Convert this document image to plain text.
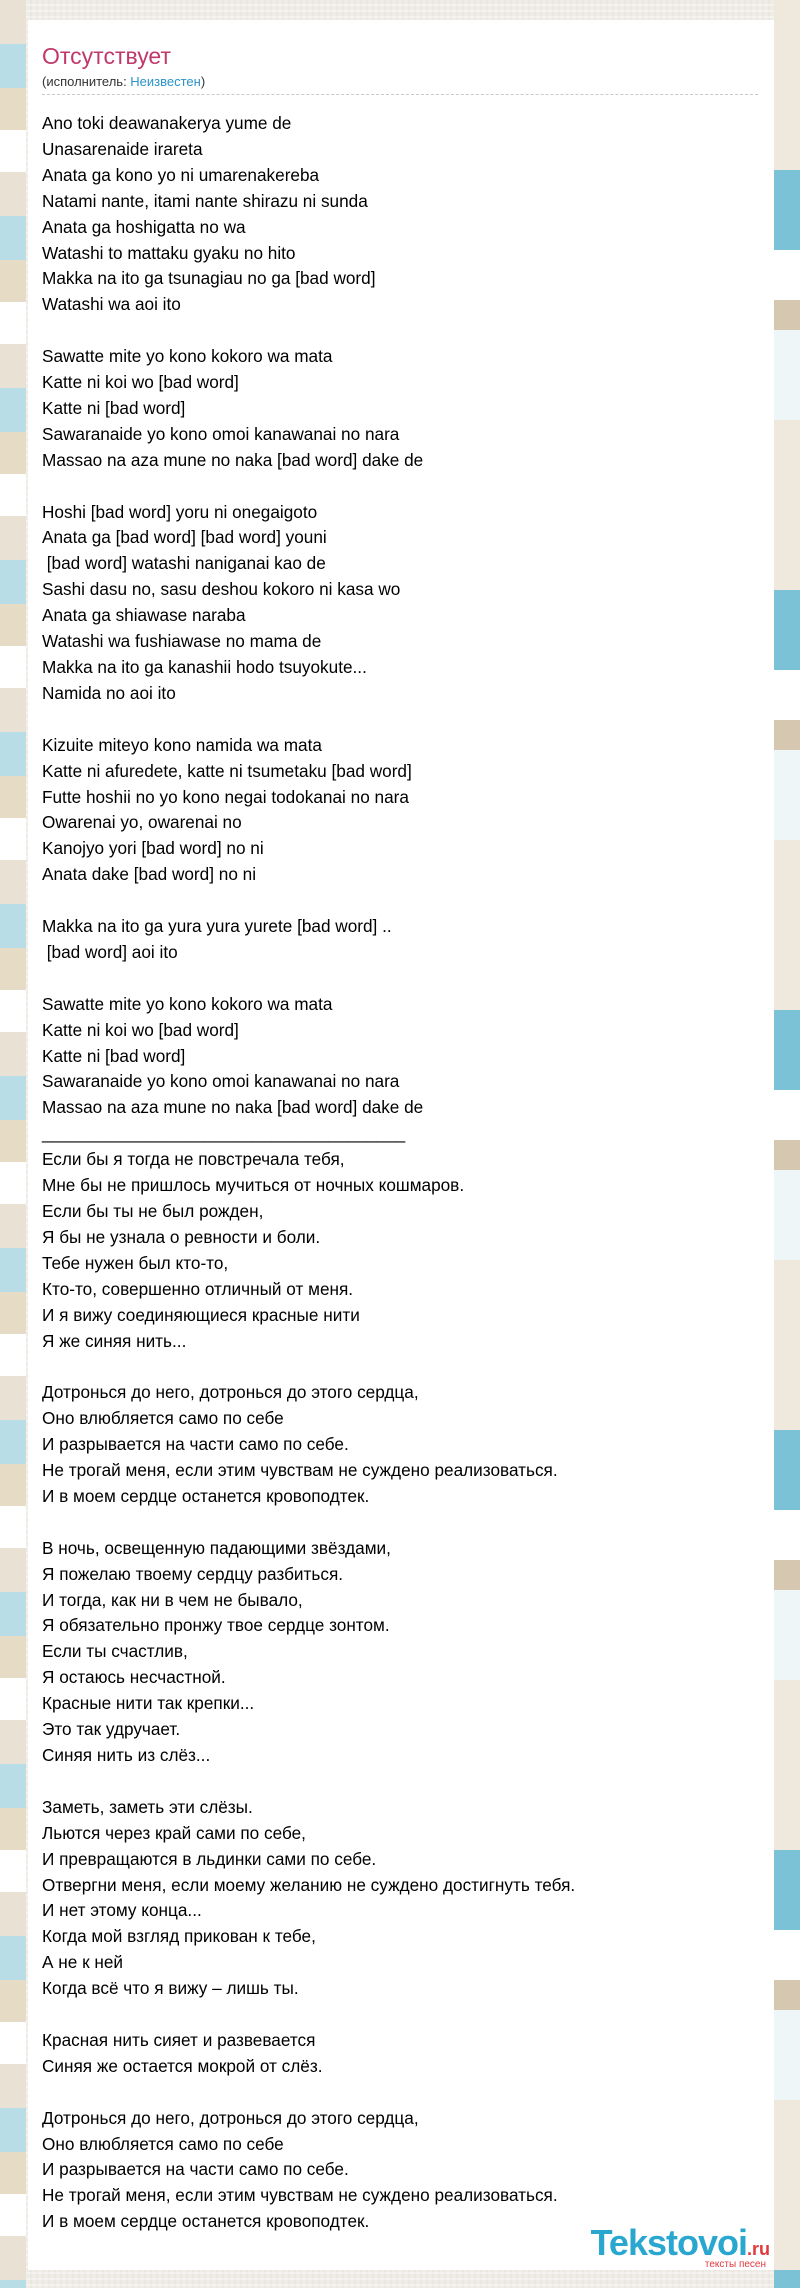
Отсутствует
(исполнитель: Неизвестен)
Ano toki deawanakerya yume de
Unasarenaide irareta
Anata ga kono yo ni umarenakereba
Natami nante, itami nante shirazu ni sunda
Anata ga hoshigatta no wa
Watashi to mattaku gyaku no hito
Makka na ito ga tsunagiau no ga [bad word]
Watashi wa aoi ito
Sawatte mite yo kono kokoro wa mata
Katte ni koi wo [bad word]
Katte ni [bad word]
Sawaranaide yo kono omoi kanawanai no nara
Massao na aza mune no naka [bad word] dake de
Hoshi [bad word] yoru ni onegaigoto
Anata ga [bad word] [bad word] youni
[bad word] watashi naniganai kao de
Sashi dasu no, sasu deshou kokoro ni kasa wo
Anata ga shiawase naraba
Watashi wa fushiawase no mama de
Makka na ito ga kanashii hodo tsuyokute...
Namida no aoi ito
Kizuite miteyo kono namida wa mata
Katte ni afuredete, katte ni tsumetaku [bad word]
Futte hoshii no yo kono negai todokanai no nara
Owarenai yo, owarenai no
Kanojyo yori [bad word] no ni
Anata dake [bad word] no ni
Makka na ito ga yura yura yurete [bad word] ..
[bad word] aoi ito
Sawatte mite yo kono kokoro wa mata
Katte ni koi wo [bad word]
Katte ni [bad word]
Sawaranaide yo kono omoi kanawanai no nara
Massao na aza mune no naka [bad word] dake de
______________________________________
Если бы я тогда не повстречала тебя,
Мне бы не пришлось мучиться от ночных кошмаров.
Если бы ты не был рожден,
Я бы не узнала о ревности и боли.
Тебе нужен был кто-то,
Кто-то, совершенно отличный от меня.
И я вижу соединяющиеся красные нити
Я же синяя нить...
Дотронься до него, дотронься до этого сердца,
Оно влюбляется само по себе
И разрывается на части само по себе.
Не трогай меня, если этим чувствам не суждено реализоваться.
И в моем сердце останется кровоподтек.
В ночь, освещенную падающими звёздами,
Я пожелаю твоему сердцу разбиться.
И тогда, как ни в чем не бывало,
Я обязательно пронжу твое сердце зонтом.
Если ты счастлив,
Я остаюсь несчастной.
Красные нити так крепки...
Это так удручает.
Синяя нить из слёз...
Заметь, заметь эти слёзы.
Льются через край сами по себе,
И превращаются в льдинки сами по себе.
Отвергни меня, если моему желанию не суждено достигнуть тебя.
И нет этому конца...
Когда мой взгляд прикован к тебе,
А не к ней
Когда всё что я вижу – лишь ты.
Красная нить сияет и развевается
Синяя же остается мокрой от слёз.
Дотронься до него, дотронься до этого сердца,
Оно влюбляется само по себе
И разрывается на части само по себе.
Не трогай меня, если этим чувствам не суждено реализоваться.
И в моем сердце останется кровоподтек.
Tekstovoi.ru
тексты песен
